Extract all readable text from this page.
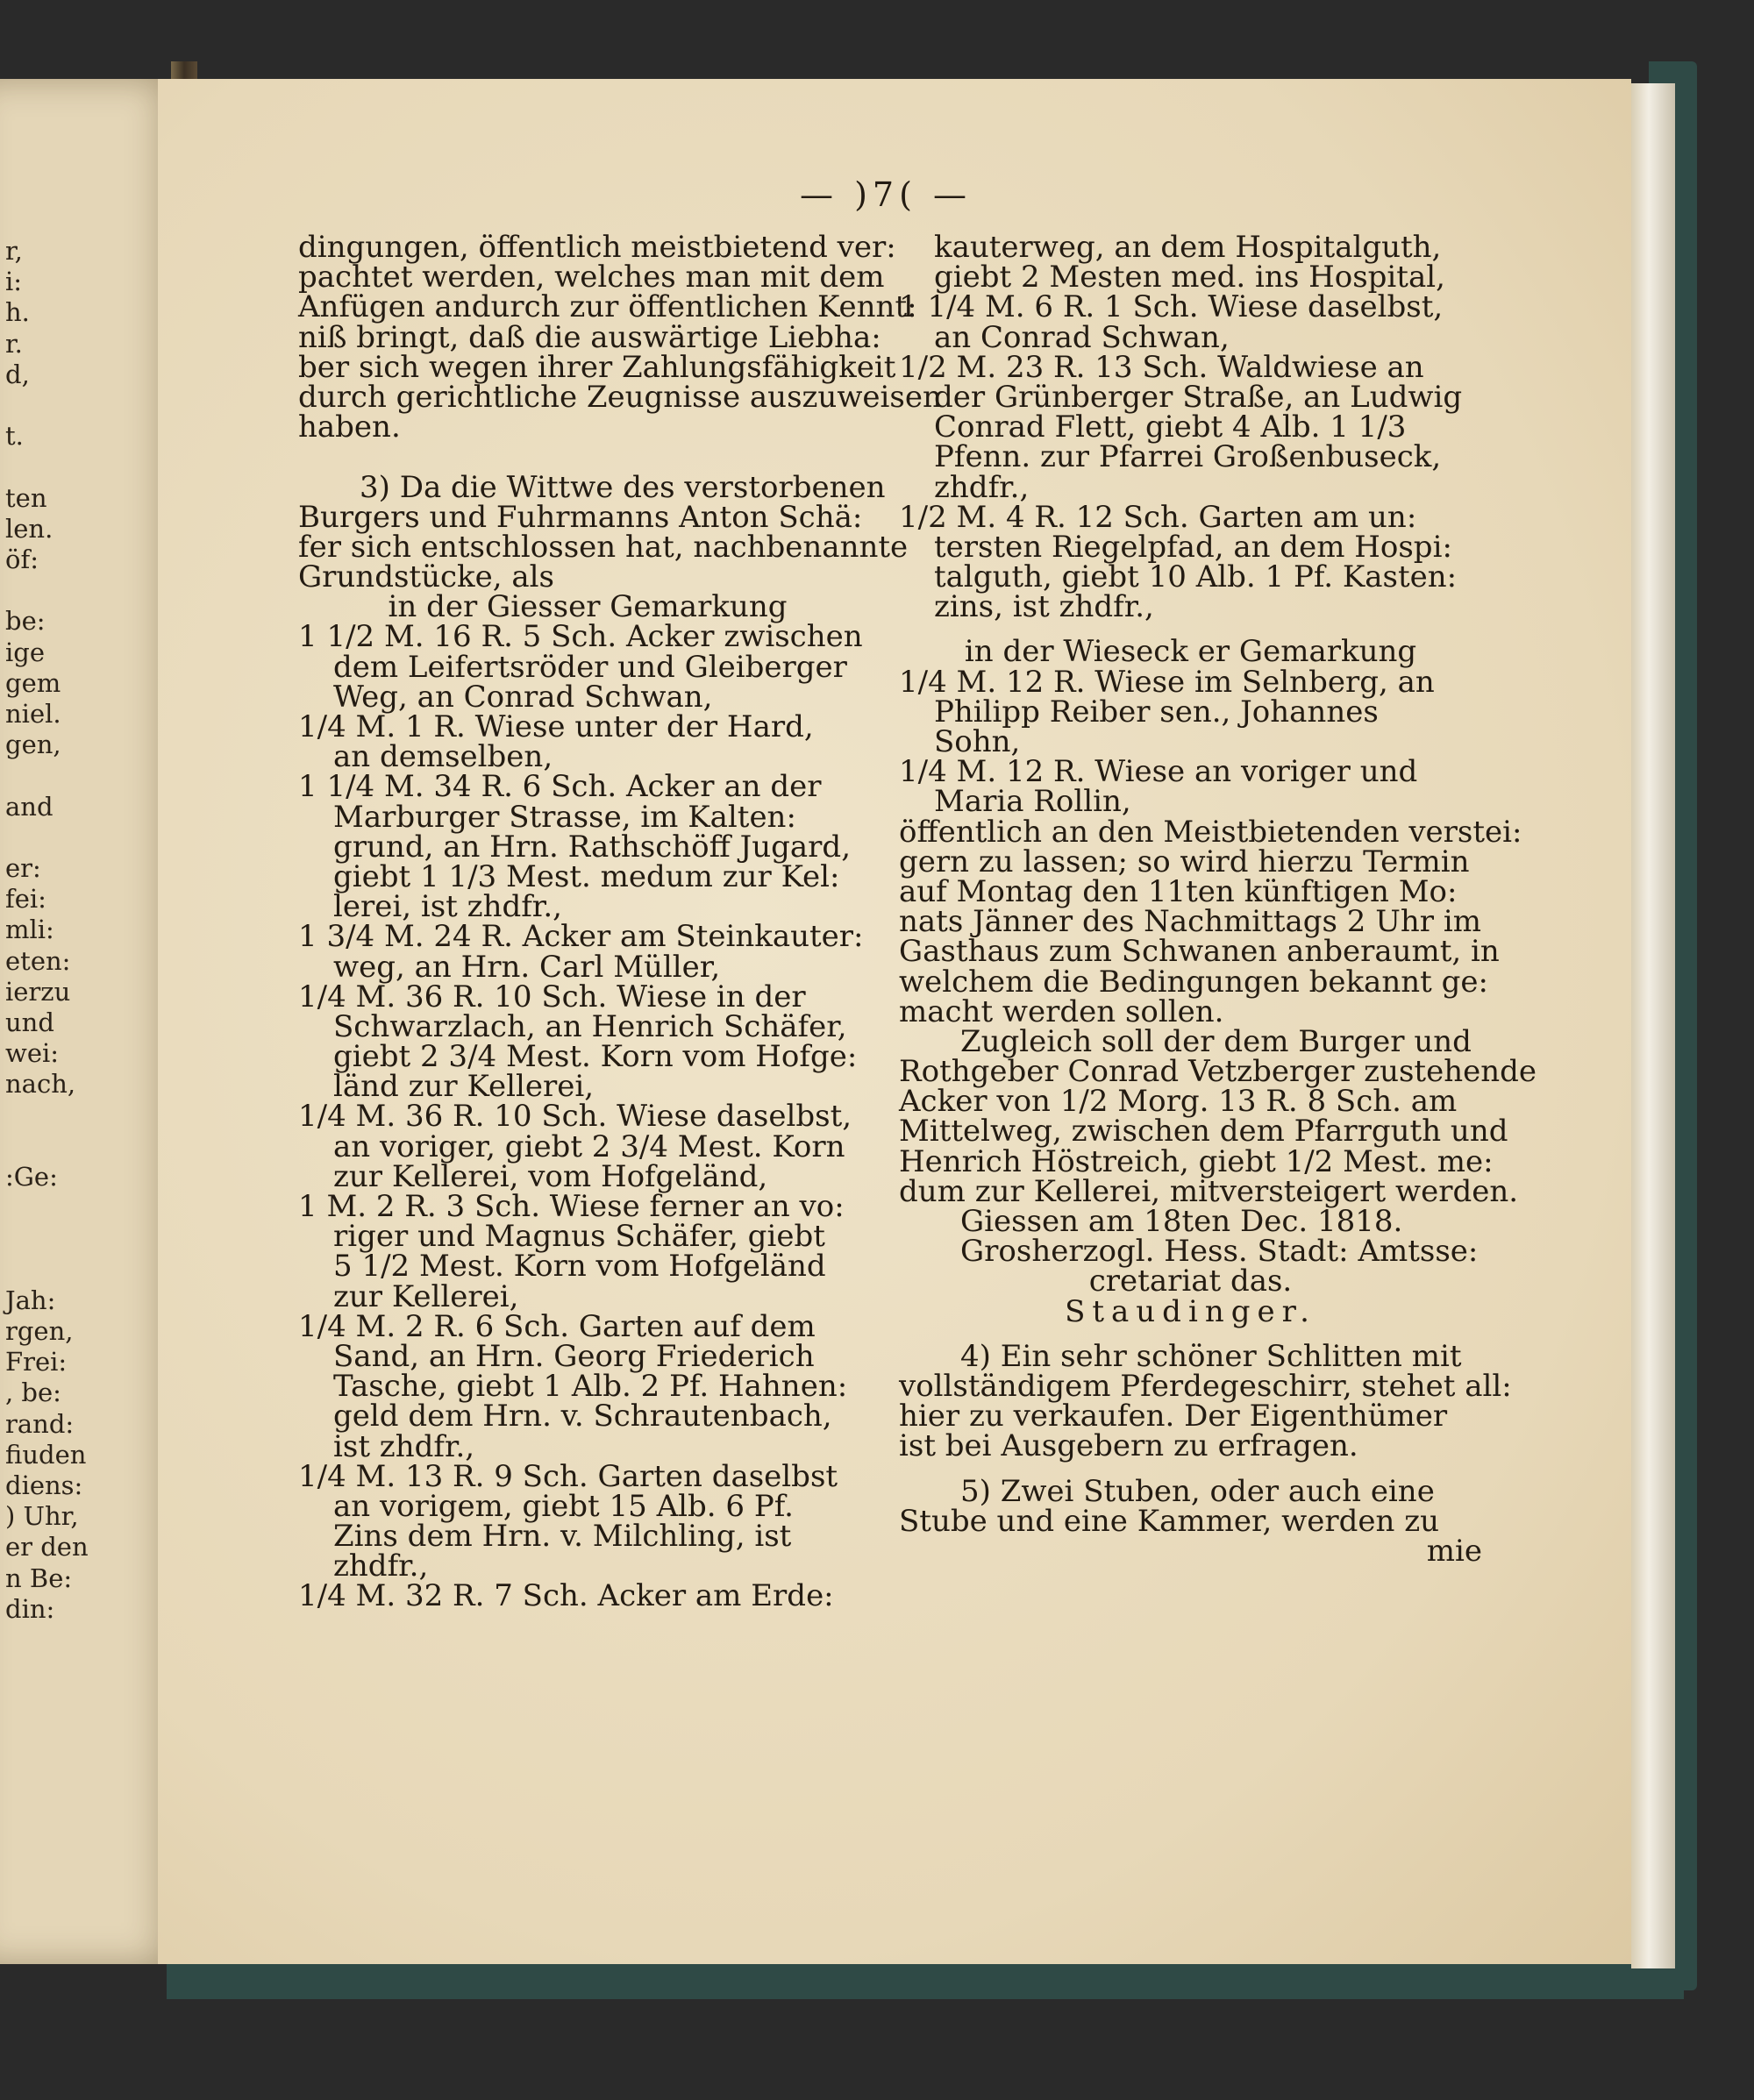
r,
i:
h.
r.
d,
t.
ten
len.
öf:
be:
ige
gem
niel.
gen,
and
er:
fei:
mli:
eten:
ierzu
und
wei:
nach,
:Ge:
Jah:
rgen,
Frei:
, be:
rand:
fiuden
diens:
) Uhr,
er den
n Be:
din:
— )7( —
dingungen, öffentlich meistbietend ver:
pachtet werden, welches man mit dem
Anfügen andurch zur öffentlichen Kennt:
niß bringt, daß die auswärtige Liebha:
ber sich wegen ihrer Zahlungsfähigkeit
durch gerichtliche Zeugnisse auszuweisen
haben.
3) Da die Wittwe des verstorbenen
Burgers und Fuhrmanns Anton Schä:
fer sich entschlossen hat, nachbenannte
Grundstücke, als
in der Giesser Gemarkung
1 1/2 M. 16 R. 5 Sch. Acker zwischen
dem Leifertsröder und Gleiberger
Weg, an Conrad Schwan,
1/4 M. 1 R. Wiese unter der Hard,
an demselben,
1 1/4 M. 34 R. 6 Sch. Acker an der
Marburger Strasse, im Kalten:
grund, an Hrn. Rathschöff Jugard,
giebt 1 1/3 Mest. medum zur Kel:
lerei, ist zhdfr.,
1 3/4 M. 24 R. Acker am Steinkauter:
weg, an Hrn. Carl Müller,
1/4 M. 36 R. 10 Sch. Wiese in der
Schwarzlach, an Henrich Schäfer,
giebt 2 3/4 Mest. Korn vom Hofge:
länd zur Kellerei,
1/4 M. 36 R. 10 Sch. Wiese daselbst,
an voriger, giebt 2 3/4 Mest. Korn
zur Kellerei, vom Hofgeländ,
1 M. 2 R. 3 Sch. Wiese ferner an vo:
riger und Magnus Schäfer, giebt
5 1/2 Mest. Korn vom Hofgeländ
zur Kellerei,
1/4 M. 2 R. 6 Sch. Garten auf dem
Sand, an Hrn. Georg Friederich
Tasche, giebt 1 Alb. 2 Pf. Hahnen:
geld dem Hrn. v. Schrautenbach,
ist zhdfr.,
1/4 M. 13 R. 9 Sch. Garten daselbst
an vorigem, giebt 15 Alb. 6 Pf.
Zins dem Hrn. v. Milchling, ist
zhdfr.,
1/4 M. 32 R. 7 Sch. Acker am Erde:
kauterweg, an dem Hospitalguth,
giebt 2 Mesten med. ins Hospital,
1 1/4 M. 6 R. 1 Sch. Wiese daselbst,
an Conrad Schwan,
1/2 M. 23 R. 13 Sch. Waldwiese an
der Grünberger Straße, an Ludwig
Conrad Flett, giebt 4 Alb. 1 1/3
Pfenn. zur Pfarrei Großenbuseck,
zhdfr.,
1/2 M. 4 R. 12 Sch. Garten am un:
tersten Riegelpfad, an dem Hospi:
talguth, giebt 10 Alb. 1 Pf. Kasten:
zins, ist zhdfr.,
in der Wieseck er Gemarkung
1/4 M. 12 R. Wiese im Selnberg, an
Philipp Reiber sen., Johannes
Sohn,
1/4 M. 12 R. Wiese an voriger und
Maria Rollin,
öffentlich an den Meistbietenden verstei:
gern zu lassen; so wird hierzu Termin
auf Montag den 11ten künftigen Mo:
nats Jänner des Nachmittags 2 Uhr im
Gasthaus zum Schwanen anberaumt, in
welchem die Bedingungen bekannt ge:
macht werden sollen.
Zugleich soll der dem Burger und
Rothgeber Conrad Vetzberger zustehende
Acker von 1/2 Morg. 13 R. 8 Sch. am
Mittelweg, zwischen dem Pfarrguth und
Henrich Höstreich, giebt 1/2 Mest. me:
dum zur Kellerei, mitversteigert werden.
Giessen am 18ten Dec. 1818.
Grosherzogl. Hess. Stadt: Amtsse:
cretariat das.
Staudinger.
4) Ein sehr schöner Schlitten mit
vollständigem Pferdegeschirr, stehet all:
hier zu verkaufen. Der Eigenthümer
ist bei Ausgebern zu erfragen.
5) Zwei Stuben, oder auch eine
Stube und eine Kammer, werden zu
mie
